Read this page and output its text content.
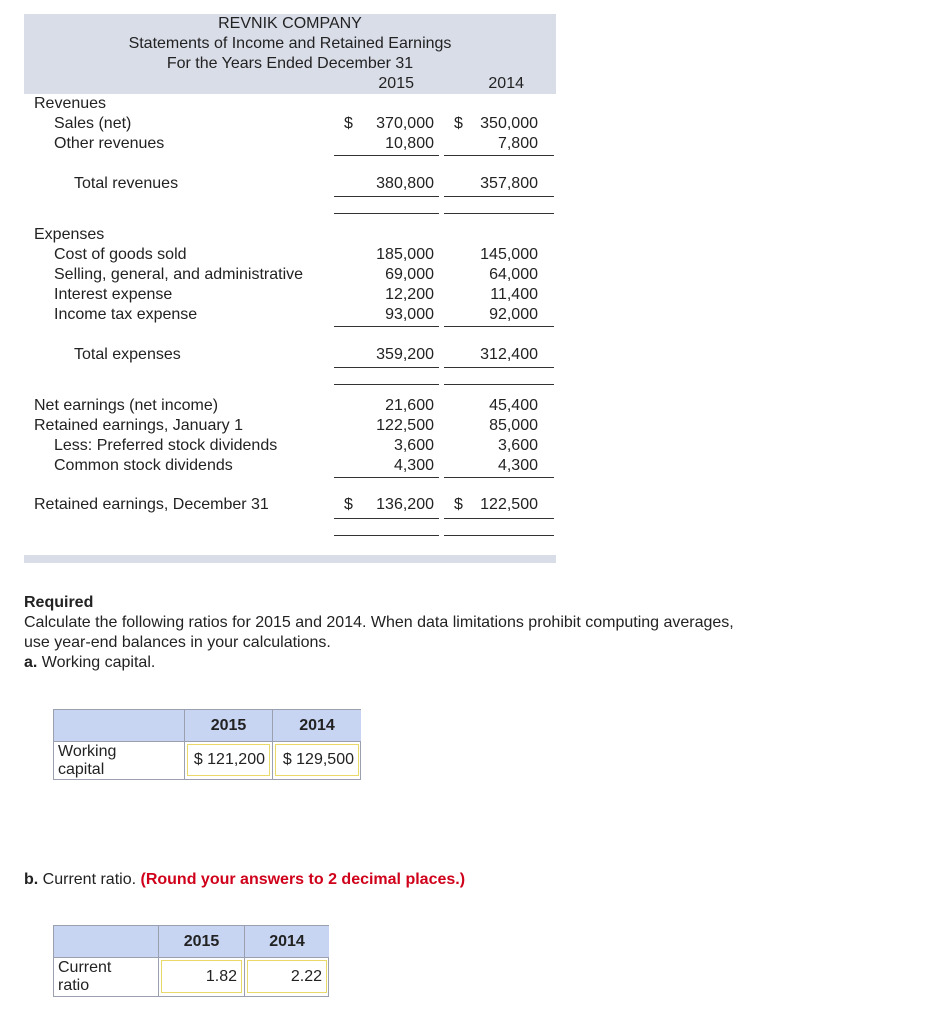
REVNIK COMPANY
Statements of Income and Retained Earnings
For the Years Ended December 31
2015	2014
Revenues
Sales (net)	$ 370,000 $ 350,000
Other revenues	10,800	7,800
Total revenues	380,800	357,800
Expenses
Cost of goods sold	185,000	145,000
Selling, general, and administrative	69,000	64,000
Interest expense	12,200	11,400
Income tax expense	93,000	92,000
Total expenses	359,200	312,400
Net earnings (net income)	21,600	45,400
Retained earnings, January 1	122,500	85,000
Less: Preferred stock dividends	3,600	3,600
Common stock dividends	4,300	4,300
Retained earnings, December 31	$ 136,200 $ 122,500
Required
Calculate the following ratios for 2015 and 2014. When data limitations prohibit computing averages,
use year-end balances in your calculations.
a. Working capital.
2015	2014
Working
capital
$ 121,200	$ 129,500
b. Current ratio. (Round your answers to 2 decimal places.)
2015	2014
Current
ratio
1.82	2.22
